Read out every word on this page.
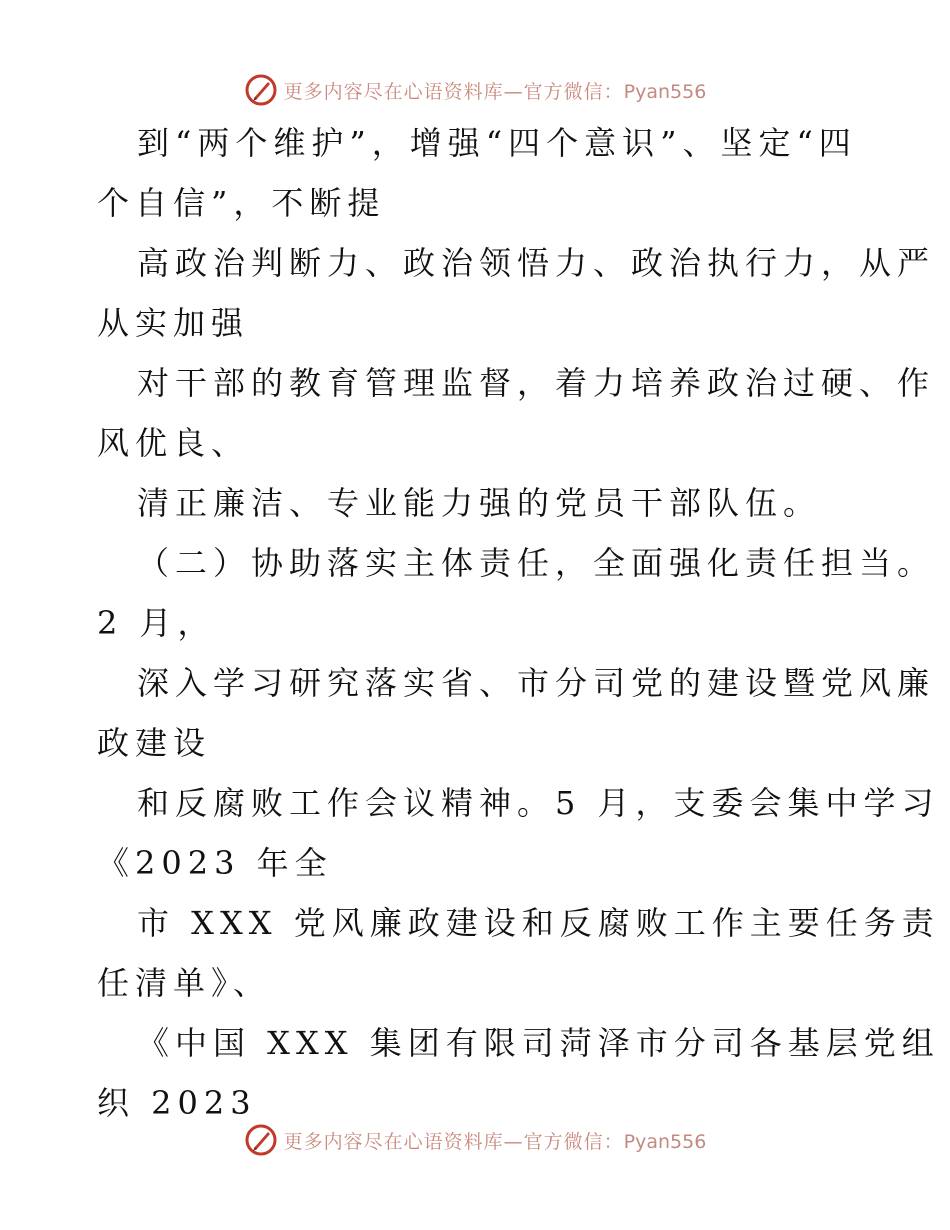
更多内容尽在心语资料库—官方微信：Pyan556
到“两个维护”，增强“四个意识”、坚定“四
个自信”，不断提
高政治判断力、政治领悟力、政治执行力，从严
从实加强
对干部的教育管理监督，着力培养政治过硬、作
风优良、
清正廉洁、专业能力强的党员干部队伍。
（二）协助落实主体责任，全面强化责任担当。
2 月，
深入学习研究落实省、市分司党的建设暨党风廉
政建设
和反腐败工作会议精神。5 月，支委会集中学习
《2023 年全
市 XXX 党风廉政建设和反腐败工作主要任务责
任清单》、
《中国 XXX 集团有限司菏泽市分司各基层党组
织 2023
更多内容尽在心语资料库—官方微信：Pyan556
